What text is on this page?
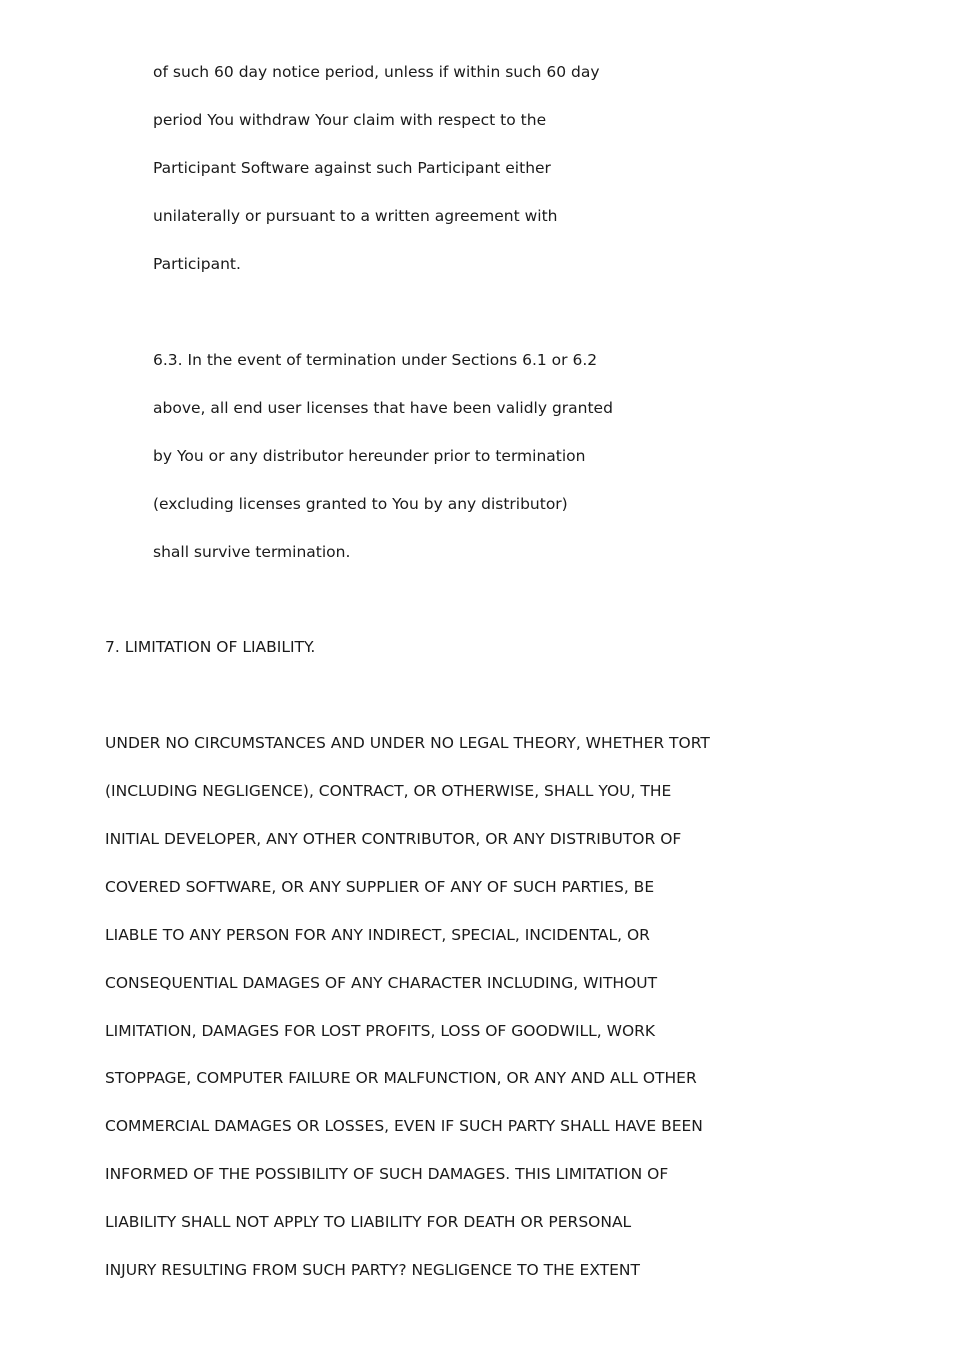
of such 60 day notice period, unless if within such 60 day
period You withdraw Your claim with respect to the
Participant Software against such Participant either
unilaterally or pursuant to a written agreement with
Participant.
6.3. In the event of termination under Sections 6.1 or 6.2
above, all end user licenses that have been validly granted
by You or any distributor hereunder prior to termination
(excluding licenses granted to You by any distributor)
shall survive termination.
7. LIMITATION OF LIABILITY.
UNDER NO CIRCUMSTANCES AND UNDER NO LEGAL THEORY, WHETHER TORT
(INCLUDING NEGLIGENCE), CONTRACT, OR OTHERWISE, SHALL YOU, THE
INITIAL DEVELOPER, ANY OTHER CONTRIBUTOR, OR ANY DISTRIBUTOR OF
COVERED SOFTWARE, OR ANY SUPPLIER OF ANY OF SUCH PARTIES, BE
LIABLE TO ANY PERSON FOR ANY INDIRECT, SPECIAL, INCIDENTAL, OR
CONSEQUENTIAL DAMAGES OF ANY CHARACTER INCLUDING, WITHOUT
LIMITATION, DAMAGES FOR LOST PROFITS, LOSS OF GOODWILL, WORK
STOPPAGE, COMPUTER FAILURE OR MALFUNCTION, OR ANY AND ALL OTHER
COMMERCIAL DAMAGES OR LOSSES, EVEN IF SUCH PARTY SHALL HAVE BEEN
INFORMED OF THE POSSIBILITY OF SUCH DAMAGES. THIS LIMITATION OF
LIABILITY SHALL NOT APPLY TO LIABILITY FOR DEATH OR PERSONAL
INJURY RESULTING FROM SUCH PARTY? NEGLIGENCE TO THE EXTENT
